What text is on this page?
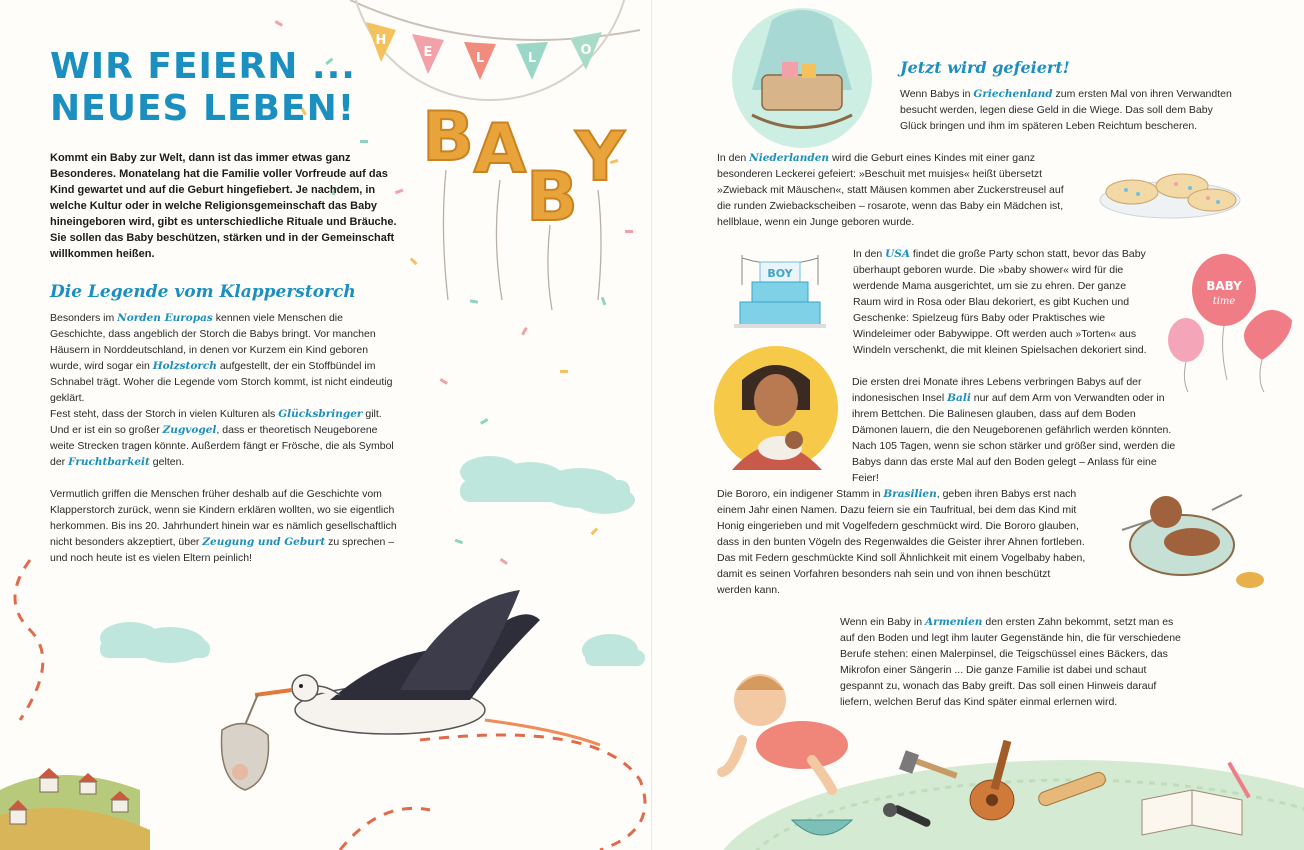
H
E	L	L
O
B A
B
Y
WIR FEIERN ...
NEUES LEBEN!

Kommt ein Baby zur Welt, dann ist das immer etwas ganz Besonderes. Monatelang hat die Familie voller Vorfreude auf das Kind gewartet und auf die Geburt hingefiebert. Je nachdem, in welche Kultur oder in welche Religionsgemeinschaft das Baby hineingeboren wird, gibt es unterschiedliche Rituale und Bräuche. Sie sollen das Baby beschützen, stärken und in der Gemeinschaft willkommen heißen.

Die Legende vom Klapperstorch

Besonders im Norden Europas kennen viele Menschen die Geschichte, dass angeblich der Storch die Babys bringt. Vor manchen Häusern in Norddeutschland, in denen vor Kurzem ein Kind geboren wurde, wird sogar ein Holzstorch aufgestellt, der ein Stoffbündel im Schnabel trägt. Woher die Legende vom Storch kommt, ist nicht eindeutig geklärt.

Fest steht, dass der Storch in vielen Kulturen als Glücksbringer gilt. Und er ist ein so großer Zugvogel, dass er theoretisch Neugeborene weite Strecken tragen könnte. Außerdem fängt er Frösche, die als Symbol der Fruchtbarkeit gelten.

Vermutlich griffen die Menschen früher deshalb auf die Geschichte vom Klapperstorch zurück, wenn sie Kindern erklären wollten, wo sie eigentlich herkommen. Bis ins 20. Jahrhundert hinein war es nämlich gesellschaftlich nicht besonders akzeptiert, über Zeugung und Geburt zu sprechen – und noch heute ist es vielen Eltern peinlich!

BOY
BABY
time
Jetzt wird gefeiert!

Wenn Babys in Griechenland zum ersten Mal von ihren Verwandten besucht werden, legen diese Geld in die Wiege. Das soll dem Baby Glück bringen und ihm im späteren Leben Reichtum bescheren.

In den Niederlanden wird die Geburt eines Kindes mit einer ganz besonderen Leckerei gefeiert: »Beschuit met muisjes« heißt übersetzt »Zwieback mit Mäuschen«, statt Mäusen kommen aber Zuckerstreusel auf die runden Zwiebackscheiben – rosarote, wenn das Baby ein Mädchen ist, hellblaue, wenn ein Junge geboren wurde.

In den USA findet die große Party schon statt, bevor das Baby überhaupt geboren wurde. Die »baby shower« wird für die werdende Mama ausgerichtet, um sie zu ehren. Der ganze Raum wird in Rosa oder Blau dekoriert, es gibt Kuchen und Geschenke: Spielzeug fürs Baby oder Praktisches wie Windeleimer oder Babywippe. Oft werden auch »Torten« aus Windeln verschenkt, die mit kleinen Spielsachen dekoriert sind.

Die ersten drei Monate ihres Lebens verbringen Babys auf der indonesischen Insel Bali nur auf dem Arm von Verwandten oder in ihrem Bettchen. Die Balinesen glauben, dass auf dem Boden Dämonen lauern, die den Neugeborenen gefährlich werden könnten. Nach 105 Tagen, wenn sie schon stärker und größer sind, werden die Babys dann das erste Mal auf den Boden gelegt – Anlass für eine Feier!

Die Bororo, ein indigener Stamm in Brasilien, geben ihren Babys erst nach einem Jahr einen Namen. Dazu feiern sie ein Taufritual, bei dem das Kind mit Honig eingerieben und mit Vogelfedern geschmückt wird. Die Bororo glauben, dass in den bunten Vögeln des Regenwaldes die Geister ihrer Ahnen fortleben. Das mit Federn geschmückte Kind soll Ähnlichkeit mit einem Vogelbaby haben, damit es seinen Vorfahren besonders nah sein und von ihnen beschützt werden kann.

Wenn ein Baby in Armenien den ersten Zahn bekommt, setzt man es auf den Boden und legt ihm lauter Gegenstände hin, die für verschiedene Berufe stehen: einen Malerpinsel, die Teigschüssel eines Bäckers, das Mikrofon einer Sängerin ... Die ganze Familie ist dabei und schaut gespannt zu, wonach das Baby greift. Das soll einen Hinweis darauf liefern, welchen Beruf das Kind später einmal erlernen wird.
